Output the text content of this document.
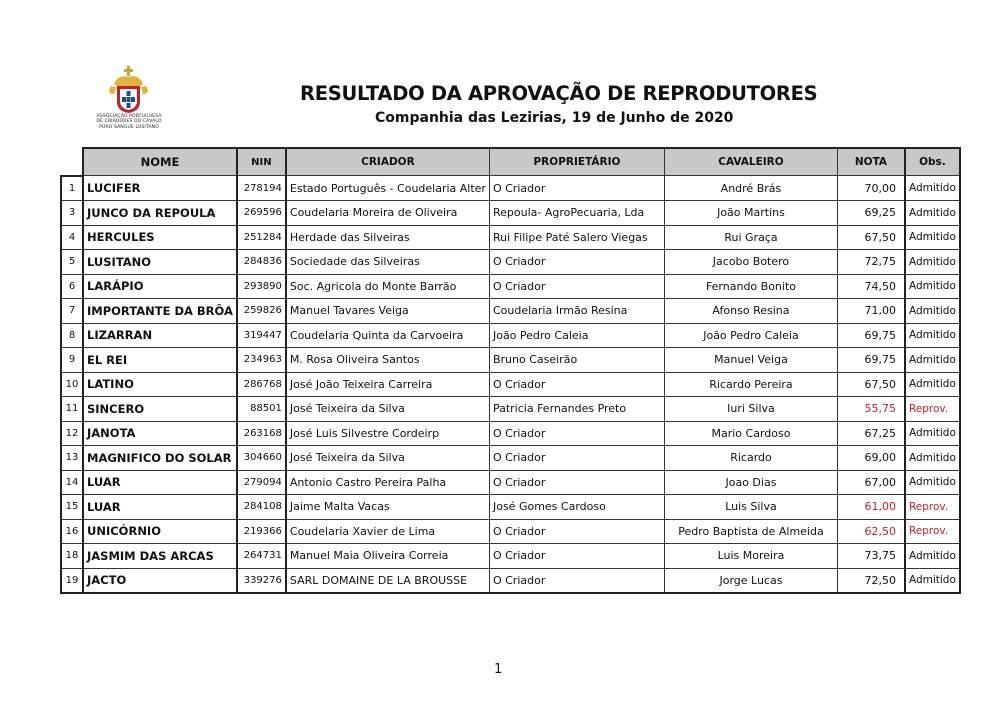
ASSOCIAÇÃO PORTUGUESA
DE CRIADORES DO CAVALO
PURO SANGUE LUSITANO
RESULTADO DA APROVAÇÃO DE REPRODUTORES
Companhia das Lezirias, 19 de Junho de 2020
	NOME	NIN	CRIADOR	PROPRIETÁRIO	CAVALEIRO	NOTA	Obs.
1	LUCIFER	278194	Estado Português - Coudelaria Alter	O Criador	André Brás	70,00	Admitido
3	JUNCO DA REPOULA	269596	Coudelaria Moreira de Oliveira	Repoula- AgroPecuaria, Lda	João Martins	69,25	Admitido
4	HERCULES	251284	Herdade das Silveiras	Rui Filipe Paté Salero Viegas	Rui Graça	67,50	Admitido
5	LUSITANO	284836	Sociedade das Silveiras	O Criador	Jacobo Botero	72,75	Admitido
6	LARÁPIO	293890	Soc. Agricola do Monte Barrão	O Criador	Fernando Bonito	74,50	Admitido
7	IMPORTANTE DA BRÔA	259826	Manuel Tavares Veiga	Coudelaria Irmão Resina	Afonso Resina	71,00	Admitido
8	LIZARRAN	319447	Coudelaria Quinta da Carvoeira	João Pedro Caleia	João Pedro Caleia	69,75	Admitido
9	EL REI	234963	M. Rosa Oliveira Santos	Bruno Caseirão	Manuel Veiga	69,75	Admitido
10	LATINO	286768	José João Teixeira Carreira	O Criador	Ricardo Pereira	67,50	Admitido
11	SINCERO	88501	José Teixeira da Silva	Patricia Fernandes Preto	Iuri Silva	55,75	Reprov.
12	JANOTA	263168	José Luis Silvestre Cordeirp	O Criador	Mario Cardoso	67,25	Admitido
13	MAGNIFICO DO SOLAR	304660	José Teixeira da Silva	O Criador	Ricardo	69,00	Admitido
14	LUAR	279094	Antonio Castro Pereira Palha	O Criador	Joao Dias	67,00	Admitido
15	LUAR	284108	Jaime Malta Vacas	José Gomes Cardoso	Luis Silva	61,00	Reprov.
16	UNICÓRNIO	219366	Coudelaria Xavier de Lima	O Criador	Pedro Baptista de Almeida	62,50	Reprov.
18	JASMIM DAS ARCAS	264731	Manuel Maia Oliveira Correia	O Criador	Luis Moreira	73,75	Admitido
19	JACTO	339276	SARL DOMAINE DE LA BROUSSE	O Criador	Jorge Lucas	72,50	Admitido
1
